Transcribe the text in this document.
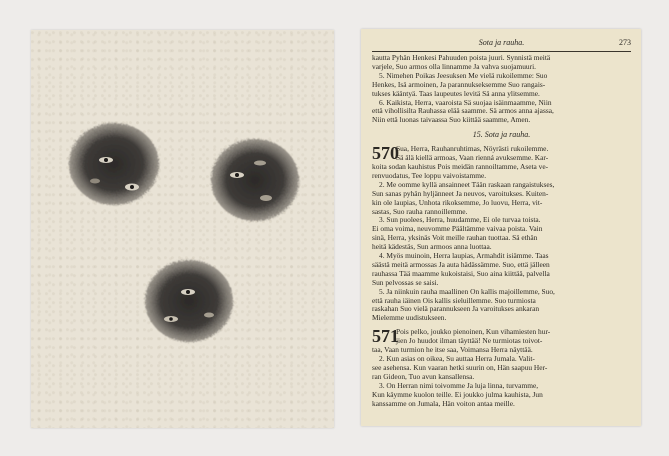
Sota ja rauha.	273

kautta Pyhän Henkesi Pahuuden poista juuri. Synnistä meitä

varjele, Suo armos olla linnamme Ja vahva suojamuuri.

5. Nimehen Poikas Jeesuksen Me vielä rukoilemme: Suo

Henkes, Isä armoinen, Ja parannukseksemme Suo rangais-

tukses kääntyä. Taas laupeutes levitä Sä anna ylitsemme.

6. Kaikista, Herra, vaaroista Sä suojaa isäinmaamme, Niin

että vihollisilta Rauhassa elää saamme. Sä armos anna ajassa,

Niin että luonas taivaassa Suo kiittää saamme, Amen.

15. Sota ja rauha.

570

Sua, Herra, Rauhanruhtimas, Nöyrästi rukoilemme.

Sä älä kiellä armoas, Vaan rienná avuksemme. Kar-

koita sodan kauhistus Pois meidän rannoiltamme, Aseta ve-

renvuodatus, Tee loppu vaivoistamme.

2. Me oomme kyllä ansainneet Tään raskaan rangaistukses,

Sun sanas pyhän hyljänneet Ja neuvos, varoitukses. Kuiten-

kin ole laupias, Unhota rikoksemme, Jo luovu, Herra, vit-

sastas, Suo rauha rannoillemme.

3. Sun puolees, Herra, huudamme, Ei ole turvaa toista.

Ei oma voima, neuvomme Päältämme vaivaa poista. Vain

sinä, Herra, yksinäs Voit meille rauhan tuottaa. Sä ethän

heitä kädestäs, Sun armoos anna luottaa.

4. Myös muinoin, Herra laupias, Armahdit isiämme. Taas

säästä meitä armossas Ja auta hädässämme. Suo, että jälleen

rauhassa Tää maamme kukoistaisi, Suo aina kiittää, palvella

Sun pelvossas se saisi.

5. Ja niinkuin rauha maallinen On kallis majoillemme, Suo,

että rauha iäinen Ois kallis sieluillemme. Suo turmiosta

raskahan Suo vielä parannukseen Ja varoitukses ankaran

Mielemme uudistukseen.

571

Pois pelko, joukko pienoinen, Kun vihamiesten hur-

jien Jo huudot ilman täyttää! Ne turmiotas toivot-

taa, Vaan turmion he itse saa, Voimansa Herra näyttää.

2. Kun asias on oikea, Su auttaa Herra Jumala. Valit-

see asehensa. Kun vaaran hetki suurin on, Hän saapuu Her-

ran Gideon, Tuo avun kansallensa.

3. On Herran nimi toivomme Ja luja linna, turvamme,

Kun käymme kuolon teille. Ei joukko julma kauhista, Jun

kanssamme on Jumala, Hän voiton antaa meille.
